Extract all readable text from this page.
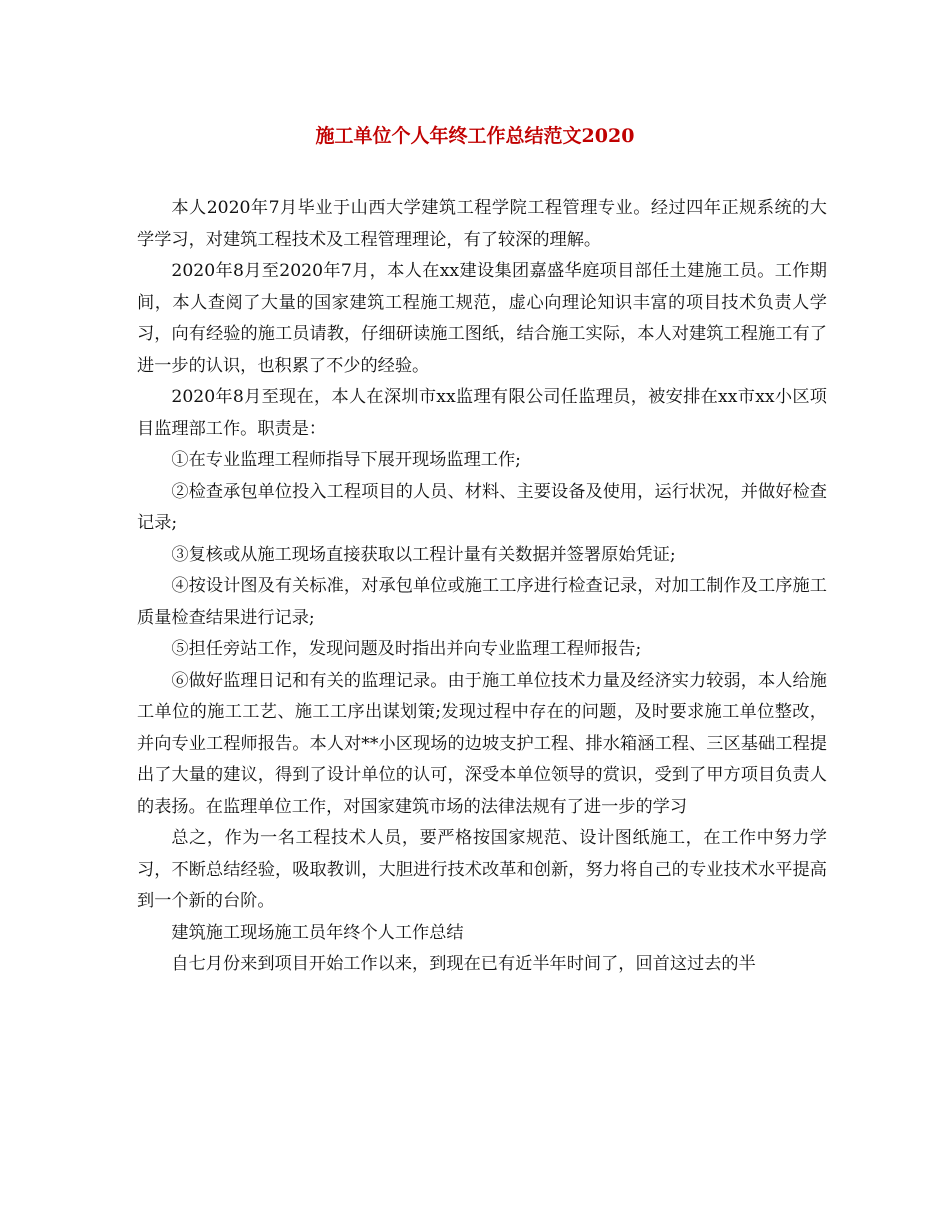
施工单位个人年终工作总结范文2020

本人2020年7月毕业于山西大学建筑工程学院工程管理专业。经过四年正规系统的大学学习，对建筑工程技术及工程管理理论，有了较深的理解。

2020年8月至2020年7月，本人在xx建设集团嘉盛华庭项目部任土建施工员。工作期间，本人查阅了大量的国家建筑工程施工规范，虚心向理论知识丰富的项目技术负责人学习，向有经验的施工员请教，仔细研读施工图纸，结合施工实际，本人对建筑工程施工有了进一步的认识，也积累了不少的经验。

2020年8月至现在，本人在深圳市xx监理有限公司任监理员，被安排在xx市xx小区项目监理部工作。职责是：

①在专业监理工程师指导下展开现场监理工作;

②检查承包单位投入工程项目的人员、材料、主要设备及使用，运行状况，并做好检查记录;

③复核或从施工现场直接获取以工程计量有关数据并签署原始凭证;

④按设计图及有关标准，对承包单位或施工工序进行检查记录，对加工制作及工序施工质量检查结果进行记录;

⑤担任旁站工作，发现问题及时指出并向专业监理工程师报告;

⑥做好监理日记和有关的监理记录。由于施工单位技术力量及经济实力较弱，本人给施工单位的施工工艺、施工工序出谋划策;发现过程中存在的问题，及时要求施工单位整改，并向专业工程师报告。本人对**小区现场的边坡支护工程、排水箱涵工程、三区基础工程提出了大量的建议，得到了设计单位的认可，深受本单位领导的赏识，受到了甲方项目负责人的表扬。在监理单位工作，对国家建筑市场的法律法规有了进一步的学习

总之，作为一名工程技术人员，要严格按国家规范、设计图纸施工，在工作中努力学习，不断总结经验，吸取教训，大胆进行技术改革和创新，努力将自己的专业技术水平提高到一个新的台阶。

建筑施工现场施工员年终个人工作总结

自七月份来到项目开始工作以来，到现在已有近半年时间了，回首这过去的半
